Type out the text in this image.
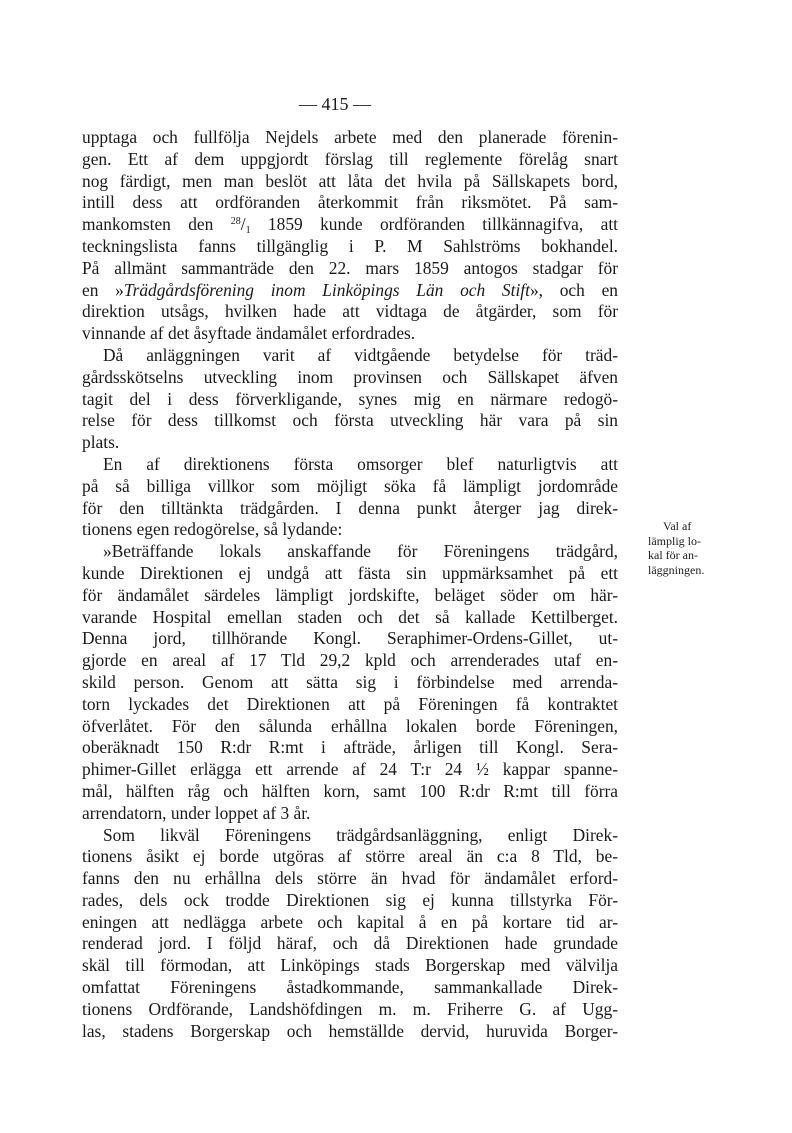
— 415 —
upptaga och fullfölja Nejdels arbete med den planerade förenin-
gen. Ett af dem uppgjordt förslag till reglemente förelåg snart
nog färdigt, men man beslöt att låta det hvila på Sällskapets bord,
intill dess att ordföranden återkommit från riksmötet. På sam-
mankomsten den $^{28}/_1$ 1859 kunde ordföranden tillkännagifva, att
teckningslista fanns tillgänglig i P. M Sahlströms bokhandel.
På allmänt sammanträde den 22. mars 1859 antogos stadgar för
en »Trädgårdsförening inom Linköpings Län och Stift», och en
direktion utsågs, hvilken hade att vidtaga de åtgärder, som för
vinnande af det åsyftade ändamålet erfordrades.
Då anläggningen varit af vidtgående betydelse för träd-
gårdsskötselns utveckling inom provinsen och Sällskapet äfven
tagit del i dess förverkligande, synes mig en närmare redogö-
relse för dess tillkomst och första utveckling här vara på sin
plats.
En af direktionens första omsorger blef naturligtvis att
på så billiga villkor som möjligt söka få lämpligt jordområde
för den tilltänkta trädgården. I denna punkt återger jag direk-
tionens egen redogörelse, så lydande:
»Beträffande lokals anskaffande för Föreningens trädgård,
kunde Direktionen ej undgå att fästa sin uppmärksamhet på ett
för ändamålet särdeles lämpligt jordskifte, beläget söder om här-
varande Hospital emellan staden och det så kallade Kettilberget.
Denna jord, tillhörande Kongl. Seraphimer-Ordens-Gillet, ut-
gjorde en areal af 17 Tld 29,2 kpld och arrenderades utaf en-
skild person. Genom att sätta sig i förbindelse med arrenda-
torn lyckades det Direktionen att på Föreningen få kontraktet
öfverlåtet. För den sålunda erhållna lokalen borde Föreningen,
oberäknadt 150 R:dr R:mt i afträde, årligen till Kongl. Sera-
phimer-Gillet erlägga ett arrende af 24 T:r 24 ½ kappar spanne-
mål, hälften råg och hälften korn, samt 100 R:dr R:mt till förra
arrendatorn, under loppet af 3 år.
Som likväl Föreningens trädgårdsanläggning, enligt Direk-
tionens åsikt ej borde utgöras af större areal än c:a 8 Tld, be-
fanns den nu erhållna dels större än hvad för ändamålet erford-
rades, dels ock trodde Direktionen sig ej kunna tillstyrka För-
eningen att nedlägga arbete och kapital å en på kortare tid ar-
renderad jord. I följd häraf, och då Direktionen hade grundade
skäl till förmodan, att Linköpings stads Borgerskap med välvilja
omfattat Föreningens åstadkommande, sammankallade Direk-
tionens Ordförande, Landshöfdingen m. m. Friherre G. af Ugg-
las, stadens Borgerskap och hemställde dervid, huruvida Borger-
Val af
lämplig lo-
kal för an-
läggningen.
